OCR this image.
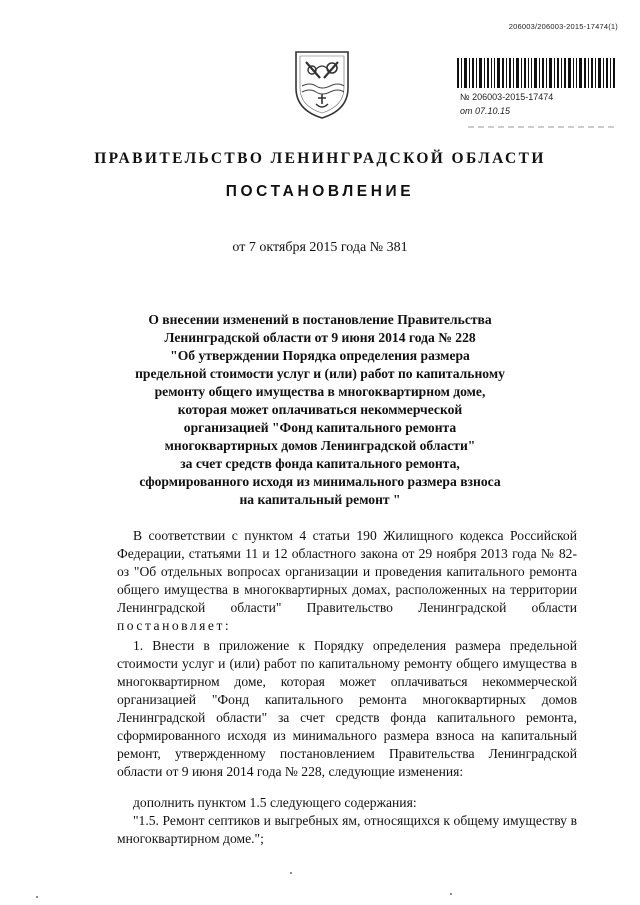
206003/206003-2015-17474(1)
№ 206003-2015-17474
от 07.10.15
ПРАВИТЕЛЬСТВО ЛЕНИНГРАДСКОЙ ОБЛАСТИ
ПОСТАНОВЛЕНИЕ
от 7 октября 2015 года № 381
О внесении изменений в постановление Правительства
Ленинградской области от 9 июня 2014 года № 228
"Об утверждении Порядка определения размера
предельной стоимости услуг и (или) работ по капитальному
ремонту общего имущества в многоквартирном доме,
которая может оплачиваться некоммерческой
организацией "Фонд капитального ремонта
многоквартирных домов Ленинградской области"
за счет средств фонда капитального ремонта,
сформированного исходя из минимального размера взноса
на капитальный ремонт "
В соответствии с пунктом 4 статьи 190 Жилищного кодекса Российской Федерации, статьями 11 и 12 областного закона от 29 ноября 2013 года № 82-оз "Об отдельных вопросах организации и проведения капитального ремонта общего имущества в многоквартирных домах, расположенных на территории Ленинградской области" Правительство Ленинградской области постановляет:
1. Внести в приложение к Порядку определения размера предельной стоимости услуг и (или) работ по капитальному ремонту общего имущества в многоквартирном доме, которая может оплачиваться некоммерческой организацией "Фонд капитального ремонта многоквартирных домов Ленинградской области" за счет средств фонда капитального ремонта, сформированного исходя из минимального размера взноса на капитальный ремонт, утвержденному постановлением Правительства Ленинградской области от 9 июня 2014 года № 228, следующие изменения:
дополнить пунктом 1.5 следующего содержания:
"1.5. Ремонт септиков и выгребных ям, относящихся к общему имуществу в многоквартирном доме.";
